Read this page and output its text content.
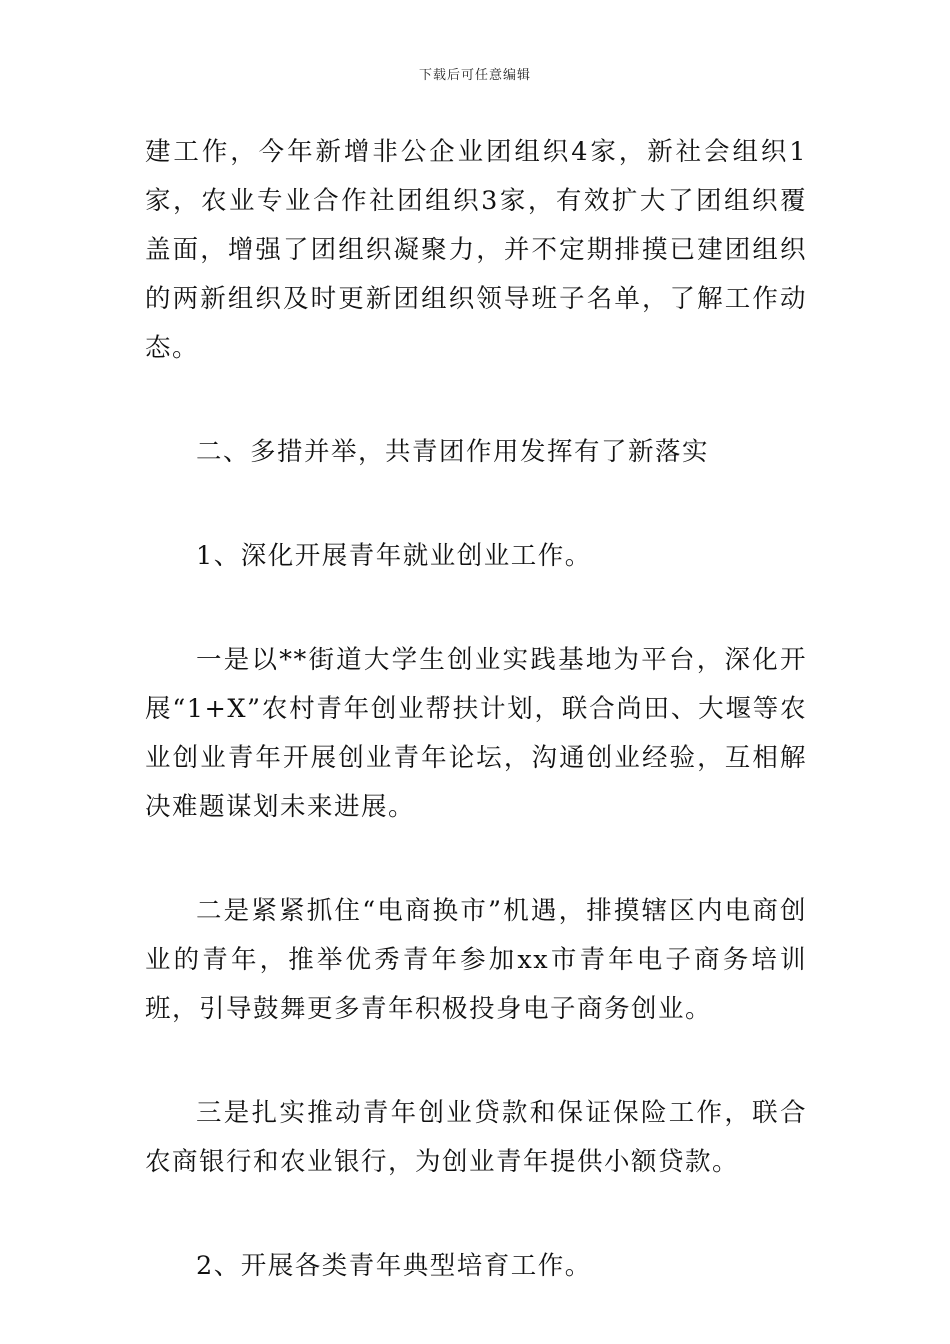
下载后可任意编辑

建工作，今年新增非公企业团组织4家，新社会组织1家，农业专业合作社团组织3家，有效扩大了团组织覆盖面，增强了团组织凝聚力，并不定期排摸已建团组织的两新组织及时更新团组织领导班子名单，了解工作动态。

二、多措并举，共青团作用发挥有了新落实

1、深化开展青年就业创业工作。

一是以**街道大学生创业实践基地为平台，深化开展“1+X”农村青年创业帮扶计划，联合尚田、大堰等农业创业青年开展创业青年论坛，沟通创业经验，互相解决难题谋划未来进展。

二是紧紧抓住“电商换市”机遇，排摸辖区内电商创业的青年，推举优秀青年参加xx市青年电子商务培训班，引导鼓舞更多青年积极投身电子商务创业。

三是扎实推动青年创业贷款和保证保险工作，联合农商银行和农业银行，为创业青年提供小额贷款。

2、开展各类青年典型培育工作。
